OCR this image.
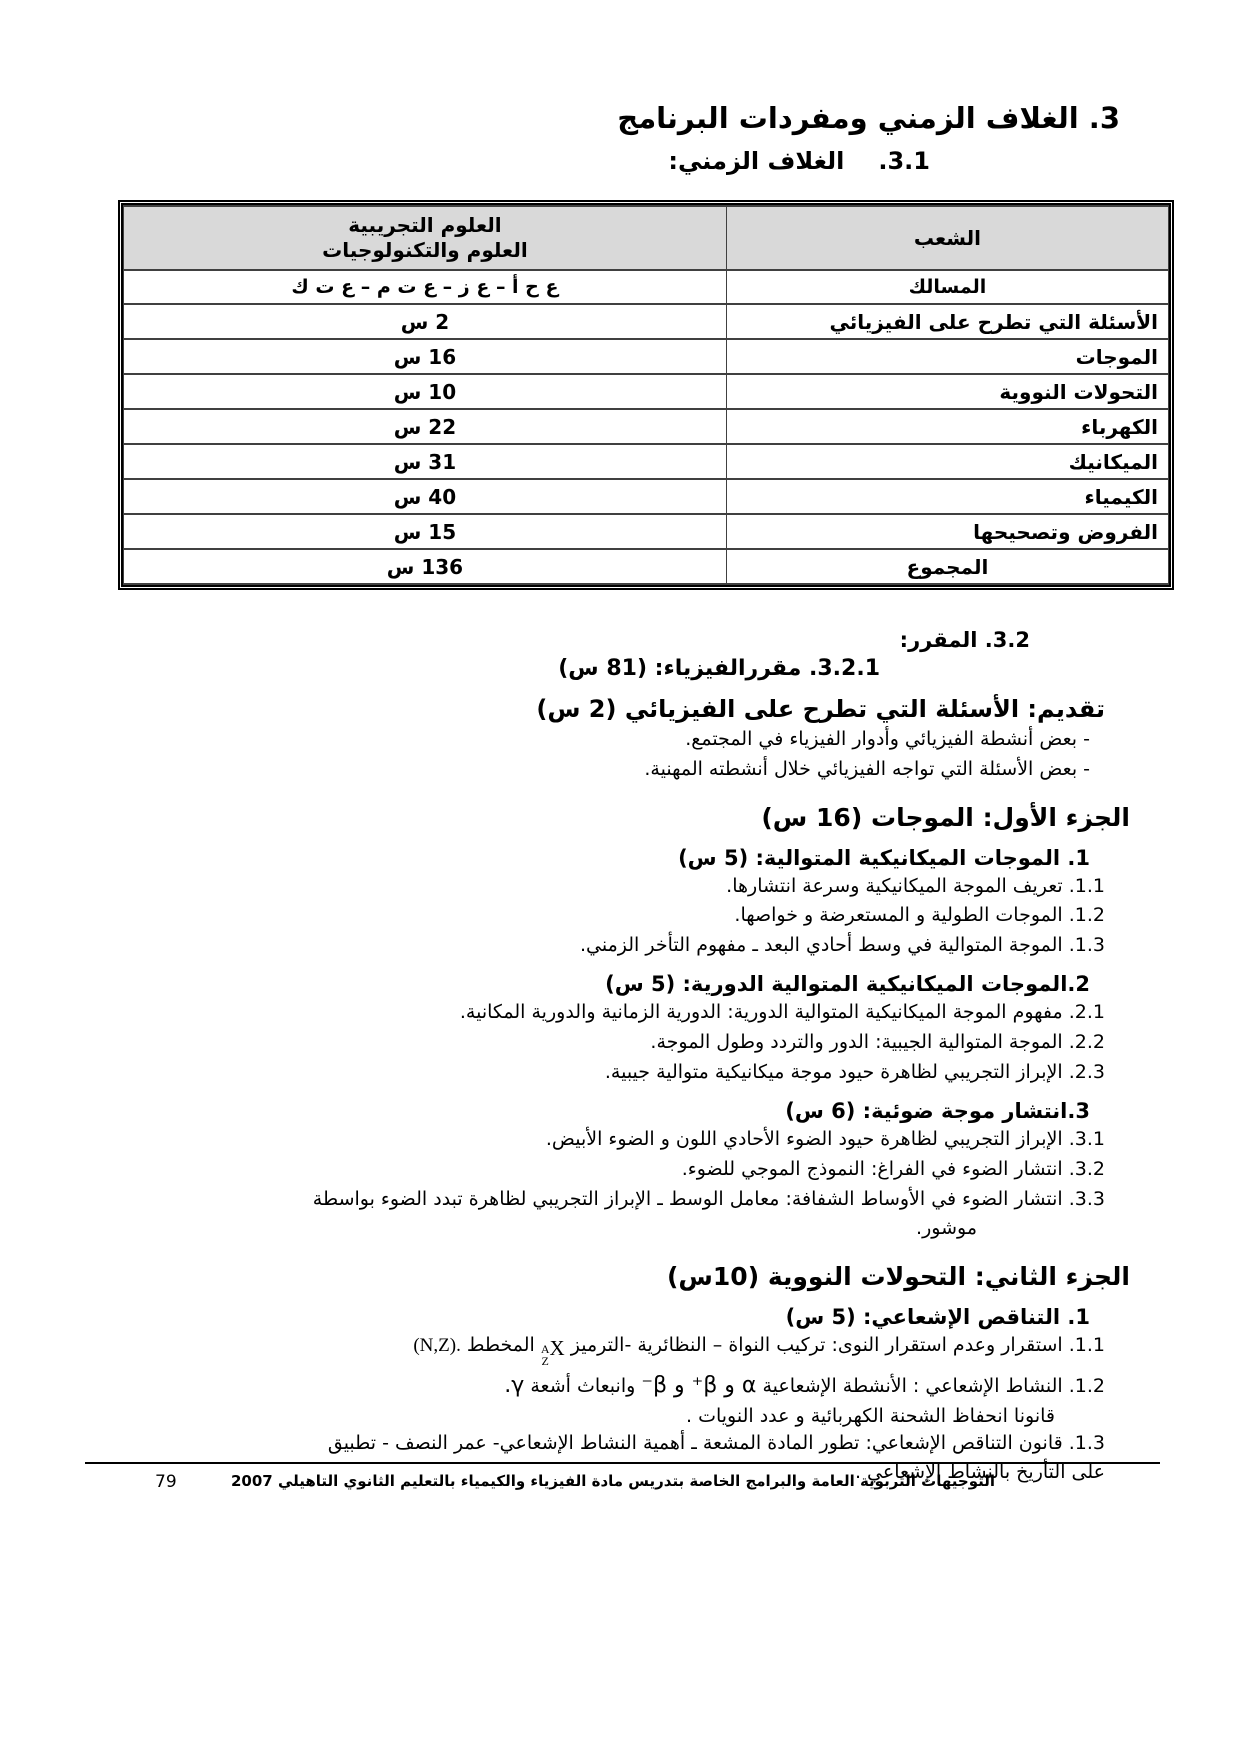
3. الغلاف الزمني ومفردات البرنامج
3.1.الغلاف الزمني:
الشعب	العلوم التجريبية
العلوم والتكنولوجيات

المسالك	ع ح أ – ع ز – ع ت م – ع ت ك
الأسئلة التي تطرح على الفيزيائي	2 س
الموجات	16 س
التحولات النووية	10 س
الكهرباء	22 س
الميكانيك	31 س
الكيمياء	40 س
الفروض وتصحيحها	15 س
المجموع	136 س
3.2. المقرر:
3.2.1. مقررالفيزياء: (81 س)
تقديم: الأسئلة التي تطرح على الفيزيائي (2 س)
- بعض أنشطة الفيزيائي وأدوار الفيزياء في المجتمع.
- بعض الأسئلة التي تواجه الفيزيائي خلال أنشطته المهنية.
الجزء الأول: الموجات (16 س)
1. الموجات الميكانيكية المتوالية: (5 س)
1.1. تعريف الموجة الميكانيكية وسرعة انتشارها.
1.2. الموجات الطولية و المستعرضة و خواصها.
1.3. الموجة المتوالية في وسط أحادي البعد ـ مفهوم التأخر الزمني.
2.الموجات الميكانيكية المتوالية الدورية: (5 س)
2.1. مفهوم الموجة الميكانيكية المتوالية الدورية: الدورية الزمانية والدورية المكانية.
2.2. الموجة المتوالية الجيبية: الدور والتردد وطول الموجة.
2.3. الإبراز التجريبي لظاهرة حيود موجة ميكانيكية متوالية جيبية.
3.انتشار موجة ضوئية: (6 س)
3.1. الإبراز التجريبي لظاهرة حيود الضوء الأحادي اللون و الضوء الأبيض.
3.2. انتشار الضوء في الفراغ: النموذج الموجي للضوء.
3.3. انتشار الضوء في الأوساط الشفافة: معامل الوسط ـ الإبراز التجريبي لظاهرة تبدد الضوء بواسطة
موشور.
الجزء الثاني: التحولات النووية (10س)
1. التناقص الإشعاعي: (5 س)
1.1. استقرار وعدم استقرار النوى: تركيب النواة – النظائرية -الترميز
A
Z
X المخطط (N,Z).
1.2. النشاط الإشعاعي : الأنشطة الإشعاعية α و β⁺ و β⁻ وانبعاث أشعة γ.
قانونا انحفاظ الشحنة الكهربائية و عدد النويات .
1.3. قانون التناقص الإشعاعي: تطور المادة المشعة ـ أهمية النشاط الإشعاعي- عمر النصف - تطبيق
على التأريخ بالنشاط الإشعاعي .
التوجيهات التربوية العامة والبرامج الخاصة بتدريس مادة الفيزياء والكيمياء بالتعليم الثانوي التاهيلي 2007
79
